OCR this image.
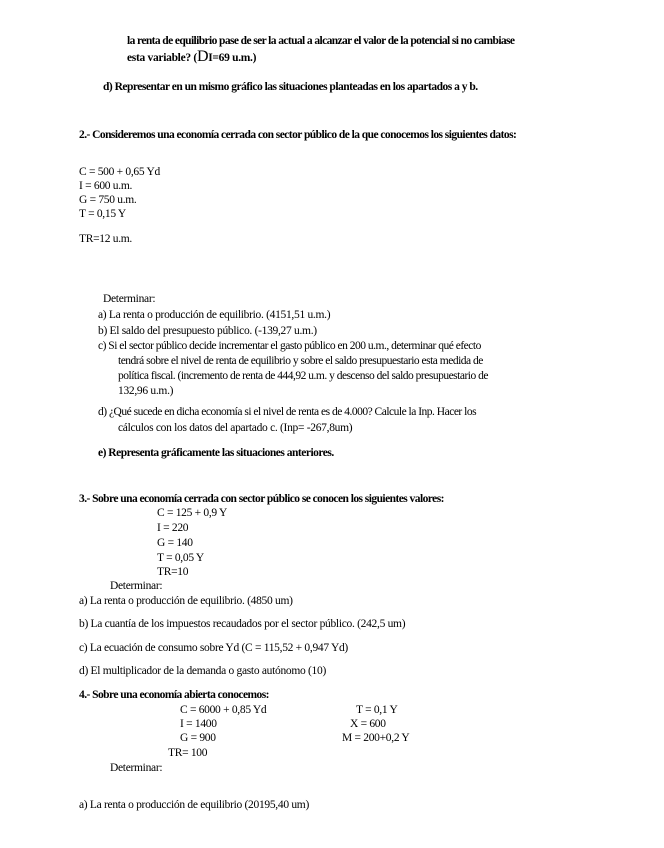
la renta de equilibrio pase de ser la actual a alcanzar el valor de la potencial si no cambiase
esta variable? (DI=69 u.m.)
d) Representar en un mismo gráfico las situaciones planteadas en los apartados a y b.
2.- Consideremos una economía cerrada con sector público de la que conocemos los siguientes datos:
C = 500 + 0,65 Yd
I = 600 u.m.
G = 750 u.m.
T = 0,15 Y
TR=12 u.m.
Determinar:
a) La renta o producción de equilibrio. (4151,51 u.m.)
b) El saldo del presupuesto público. (-139,27 u.m.)
c) Si el sector público decide incrementar el gasto público en 200 u.m., determinar qué efecto
tendrá sobre el nivel de renta de equilibrio y sobre el saldo presupuestario esta medida de
política fiscal. (incremento de renta de 444,92 u.m. y descenso del saldo presupuestario de
132,96 u.m.)
d) ¿Qué sucede en dicha economía si el nivel de renta es de 4.000? Calcule la Inp. Hacer los
cálculos con los datos del apartado c. (Inp= -267,8um)
e) Representa gráficamente las situaciones anteriores.
3.- Sobre una economía cerrada con sector público se conocen los siguientes valores:
C = 125 + 0,9 Y
I = 220
G = 140
T = 0,05 Y
TR=10
Determinar:
a) La renta o producción de equilibrio. (4850 um)
b) La cuantía de los impuestos recaudados por el sector público. (242,5 um)
c) La ecuación de consumo sobre Yd (C = 115,52 + 0,947 Yd)
d) El multiplicador de la demanda o gasto autónomo (10)
4.- Sobre una economía abierta conocemos:
C = 6000 + 0,85 Yd
I = 1400
G = 900
TR= 100
T = 0,1 Y
X = 600
M = 200+0,2 Y
Determinar:
a) La renta o producción de equilibrio (20195,40 um)
